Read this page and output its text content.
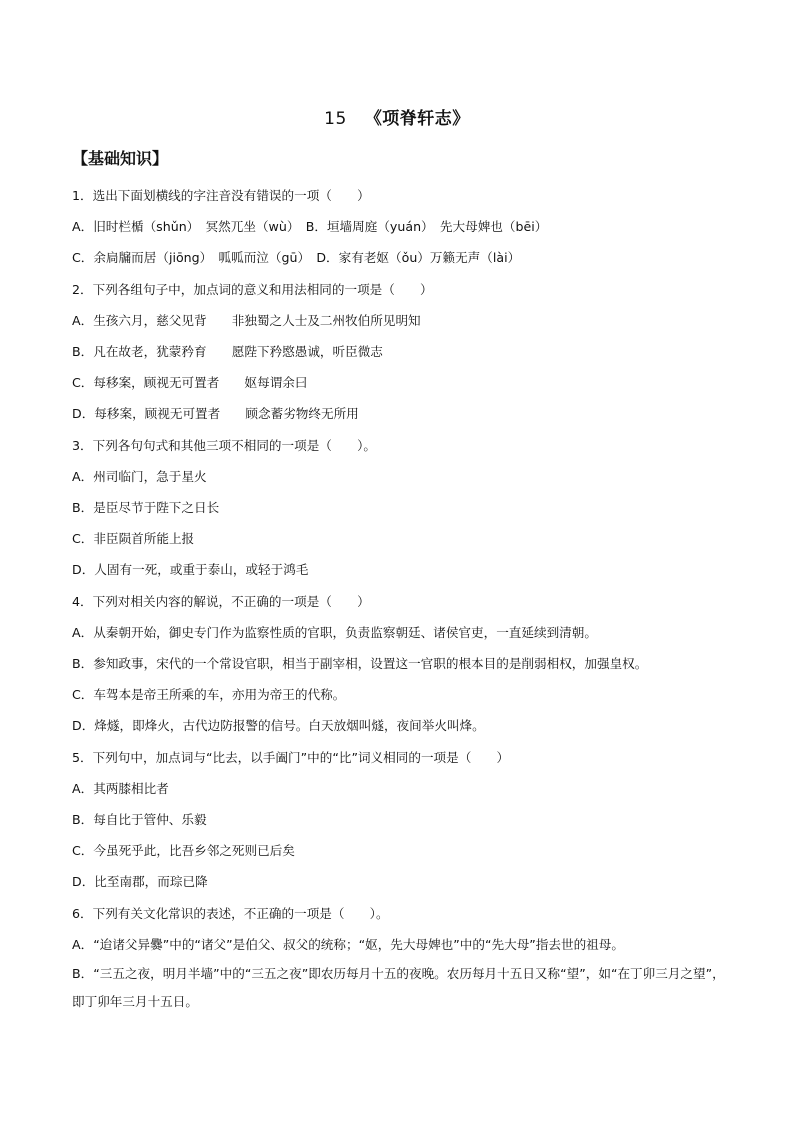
15 《项脊轩志》
【基础知识】
1．选出下面划横线的字注音没有错误的一项（　　）
A．旧时栏楯（shǔn）　冥然兀坐（wù）　B．垣墙周庭（yuán）　先大母婢也（bēi）
C．余扃牖而居（jiōng）　呱呱而泣（gū）　D．家有老妪（ǒu）万籁无声（lài）
2．下列各组句子中，加点词的意义和用法相同的一项是（　　）
A．生孩六月，慈父见背　　非独蜀之人士及二州牧伯所见明知
B．凡在故老，犹蒙矜育　　愿陛下矜愍愚诚，听臣微志
C．每移案，顾视无可置者　　妪每谓余曰
D．每移案，顾视无可置者　　顾念蓄劣物终无所用
3．下列各句句式和其他三项不相同的一项是（　　）。
A．州司临门，急于星火
B．是臣尽节于陛下之日长
C．非臣陨首所能上报
D．人固有一死，或重于泰山，或轻于鸿毛
4．下列对相关内容的解说，不正确的一项是（　　）
A．从秦朝开始，御史专门作为监察性质的官职，负责监察朝廷、诸侯官吏，一直延续到清朝。
B．参知政事，宋代的一个常设官职，相当于副宰相，设置这一官职的根本目的是削弱相权，加强皇权。
C．车驾本是帝王所乘的车，亦用为帝王的代称。
D．烽燧，即烽火，古代边防报警的信号。白天放烟叫燧，夜间举火叫烽。
5．下列句中，加点词与“比去，以手阖门”中的“比”词义相同的一项是（　　）
A．其两膝相比者
B．每自比于管仲、乐毅
C．今虽死乎此，比吾乡邻之死则已后矣
D．比至南郡，而琮已降
6．下列有关文化常识的表述，不正确的一项是（　　）。
A．“迨诸父异爨”中的“诸父”是伯父、叔父的统称；“妪，先大母婢也”中的“先大母”指去世的祖母。
B．“三五之夜，明月半墙”中的“三五之夜”即农历每月十五的夜晚。农历每月十五日又称“望”，如“在丁卯三月之望”，即丁卯年三月十五日。
